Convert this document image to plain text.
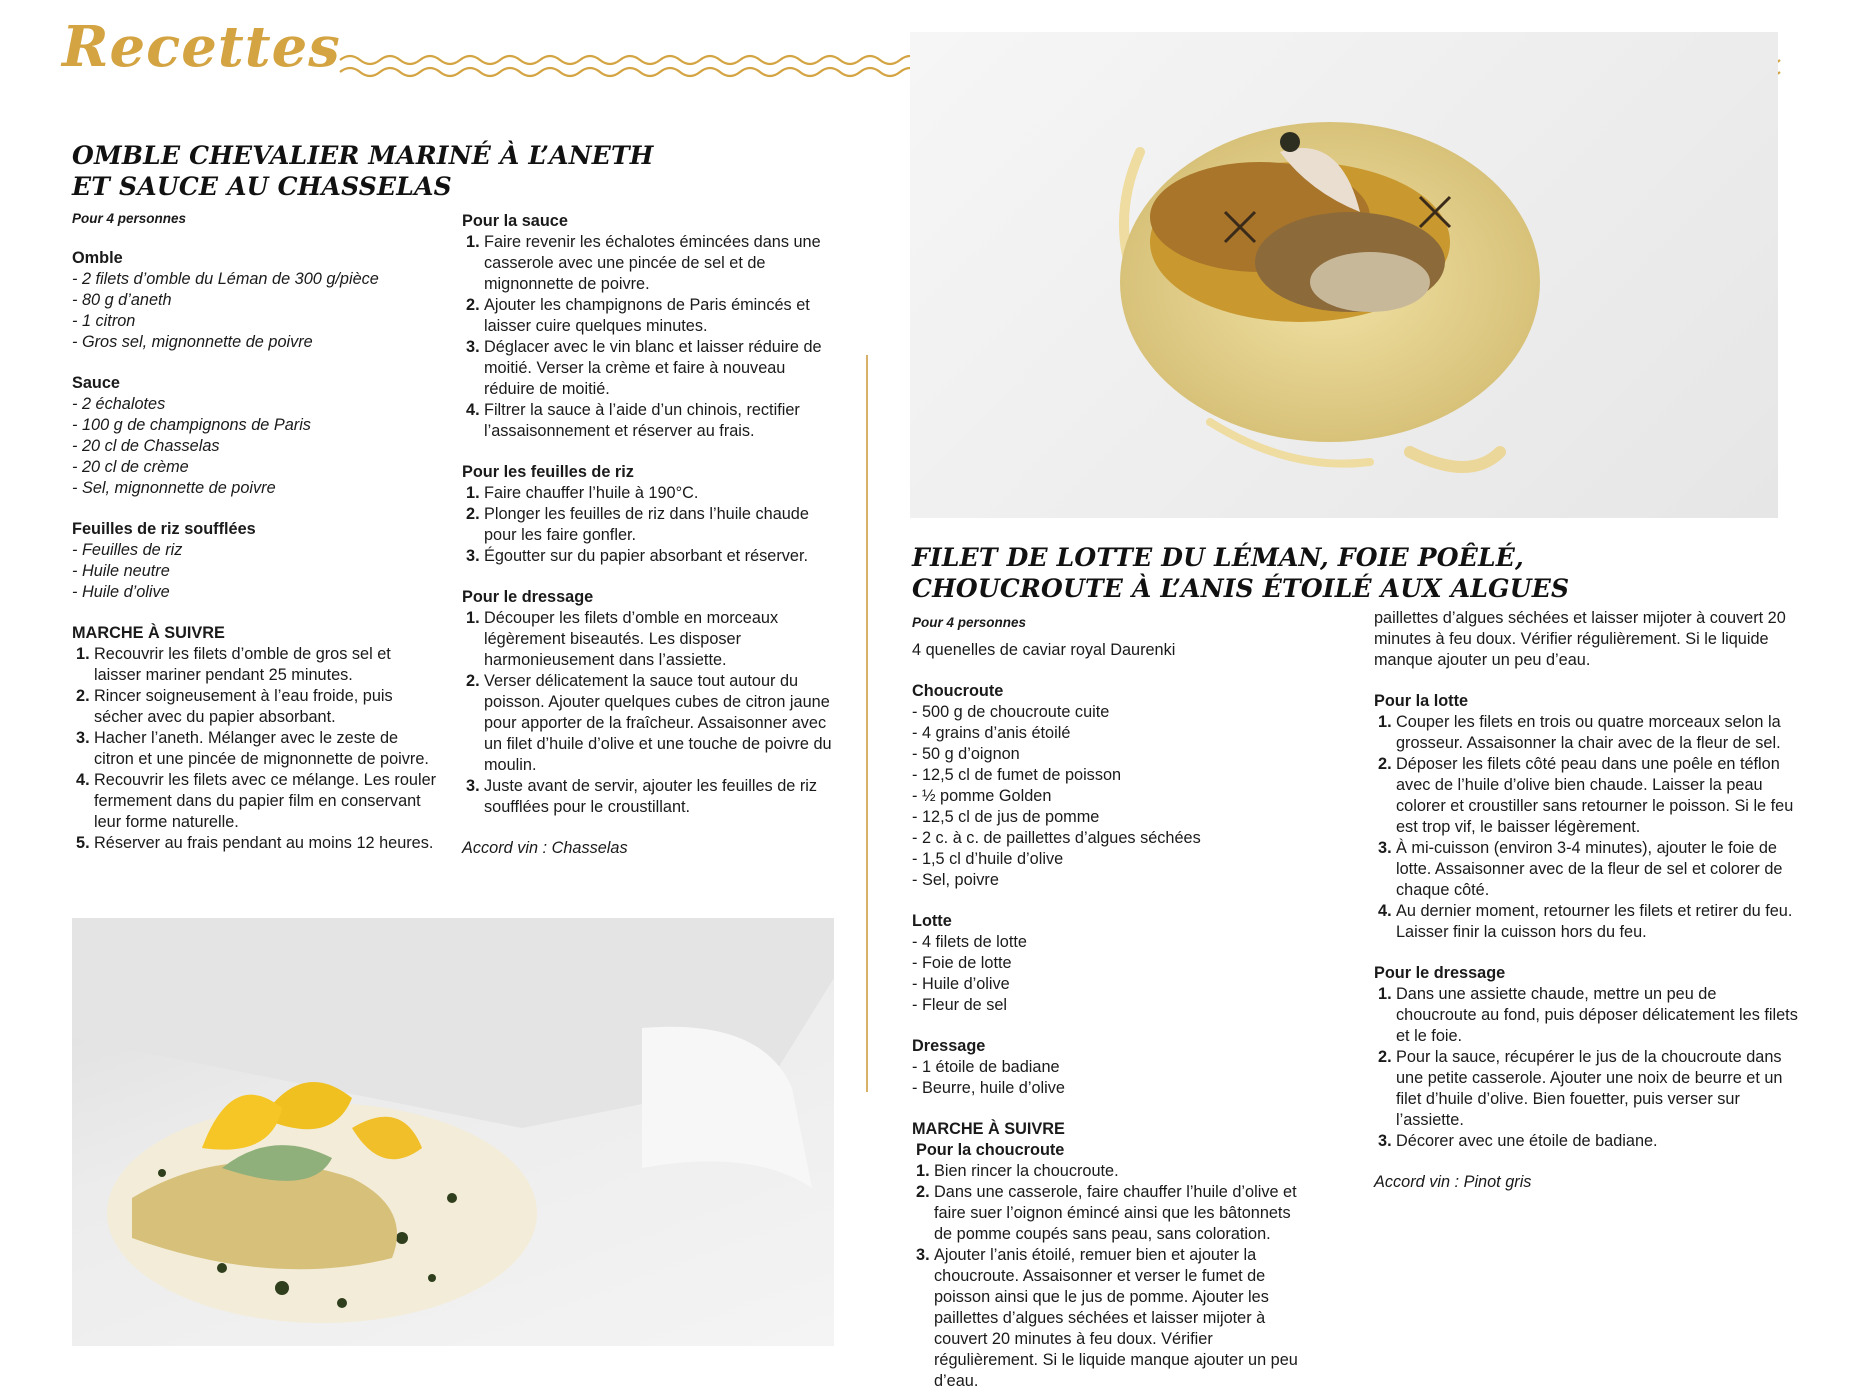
Recettes
OMBLE CHEVALIER MARINÉ À L’ANETH
ET SAUCE AU CHASSELAS
Pour 4 personnes
Omble
- 2 filets d’omble du Léman de 300 g/pièce
- 80 g d’aneth
- 1 citron
- Gros sel, mignonnette de poivre
Sauce
- 2 échalotes
- 100 g de champignons de Paris
- 20 cl de Chasselas
- 20 cl de crème
- Sel, mignonnette de poivre
Feuilles de riz soufflées
- Feuilles de riz
- Huile neutre
- Huile d’olive
MARCHE À SUIVRE
Recouvrir les filets d’omble de gros sel et laisser mariner pendant 25 minutes.
Rincer soigneusement à l’eau froide, puis sécher avec du papier absorbant.
Hacher l’aneth. Mélanger avec le zeste de citron et une pincée de mignonnette de poivre.
Recouvrir les filets avec ce mélange. Les rouler fermement dans du papier film en conservant leur forme naturelle.
Réserver au frais pendant au moins 12 heures.
Pour la sauce
Faire revenir les échalotes émincées dans une casserole avec une pincée de sel et de mignonnette de poivre.
Ajouter les champignons de Paris émincés et laisser cuire quelques minutes.
Déglacer avec le vin blanc et laisser réduire de moitié. Verser la crème et faire à nouveau réduire de moitié.
Filtrer la sauce à l’aide d’un chinois, rectifier l’assaisonnement et réserver au frais.
Pour les feuilles de riz
Faire chauffer l’huile à 190°C.
Plonger les feuilles de riz dans l’huile chaude pour les faire gonfler.
Égoutter sur du papier absorbant et réserver.
Pour le dressage
Découper les filets d’omble en morceaux légèrement biseautés. Les disposer harmonieusement dans l’assiette.
Verser délicatement la sauce tout autour du poisson. Ajouter quelques cubes de citron jaune pour apporter de la fraîcheur. Assaisonner avec un filet d’huile d’olive et une touche de poivre du moulin.
Juste avant de servir, ajouter les feuilles de riz soufflées pour le croustillant.
Accord vin : Chasselas
FILET DE LOTTE DU LÉMAN, FOIE POÊLÉ,
CHOUCROUTE À L’ANIS ÉTOILÉ AUX ALGUES
Pour 4 personnes
4 quenelles de caviar royal Daurenki
Choucroute
- 500 g de choucroute cuite
- 4 grains d’anis étoilé
- 50 g d’oignon
- 12,5 cl de fumet de poisson
- ½ pomme Golden
- 12,5 cl de jus de pomme
- 2 c. à c. de paillettes d’algues séchées
- 1,5 cl d’huile d’olive
- Sel, poivre
Lotte
- 4 filets de lotte
- Foie de lotte
- Huile d’olive
- Fleur de sel
Dressage
- 1 étoile de badiane
- Beurre, huile d’olive
MARCHE À SUIVRE
Pour la choucroute
Bien rincer la choucroute.
Dans une casserole, faire chauffer l’huile d’olive et faire suer l’oignon émincé ainsi que les bâtonnets de pomme coupés sans peau, sans coloration.
Ajouter l’anis étoilé, remuer bien et ajouter la choucroute. Assaisonner et verser le fumet de poisson ainsi que le jus de pomme. Ajouter les paillettes d’algues séchées et laisser mijoter à couvert 20 minutes à feu doux. Vérifier régulièrement. Si le liquide manque ajouter un peu d’eau.
paillettes d’algues séchées et laisser mijoter à couvert 20 minutes à feu doux. Vérifier régulièrement. Si le liquide manque ajouter un peu d’eau.
Pour la lotte
Couper les filets en trois ou quatre morceaux selon la grosseur. Assaisonner la chair avec de la fleur de sel.
Déposer les filets côté peau dans une poêle en téflon avec de l’huile d’olive bien chaude. Laisser la peau colorer et croustiller sans retourner le poisson. Si le feu est trop vif, le baisser légèrement.
À mi-cuisson (environ 3-4 minutes), ajouter le foie de lotte. Assaisonner avec de la fleur de sel et colorer de chaque côté.
Au dernier moment, retourner les filets et retirer du feu. Laisser finir la cuisson hors du feu.
Pour le dressage
Dans une assiette chaude, mettre un peu de choucroute au fond, puis déposer délicatement les filets et le foie.
Pour la sauce, récupérer le jus de la choucroute dans une petite casserole. Ajouter une noix de beurre et un filet d’huile d’olive. Bien fouetter, puis verser sur l’assiette.
Décorer avec une étoile de badiane.
Accord vin : Pinot gris
